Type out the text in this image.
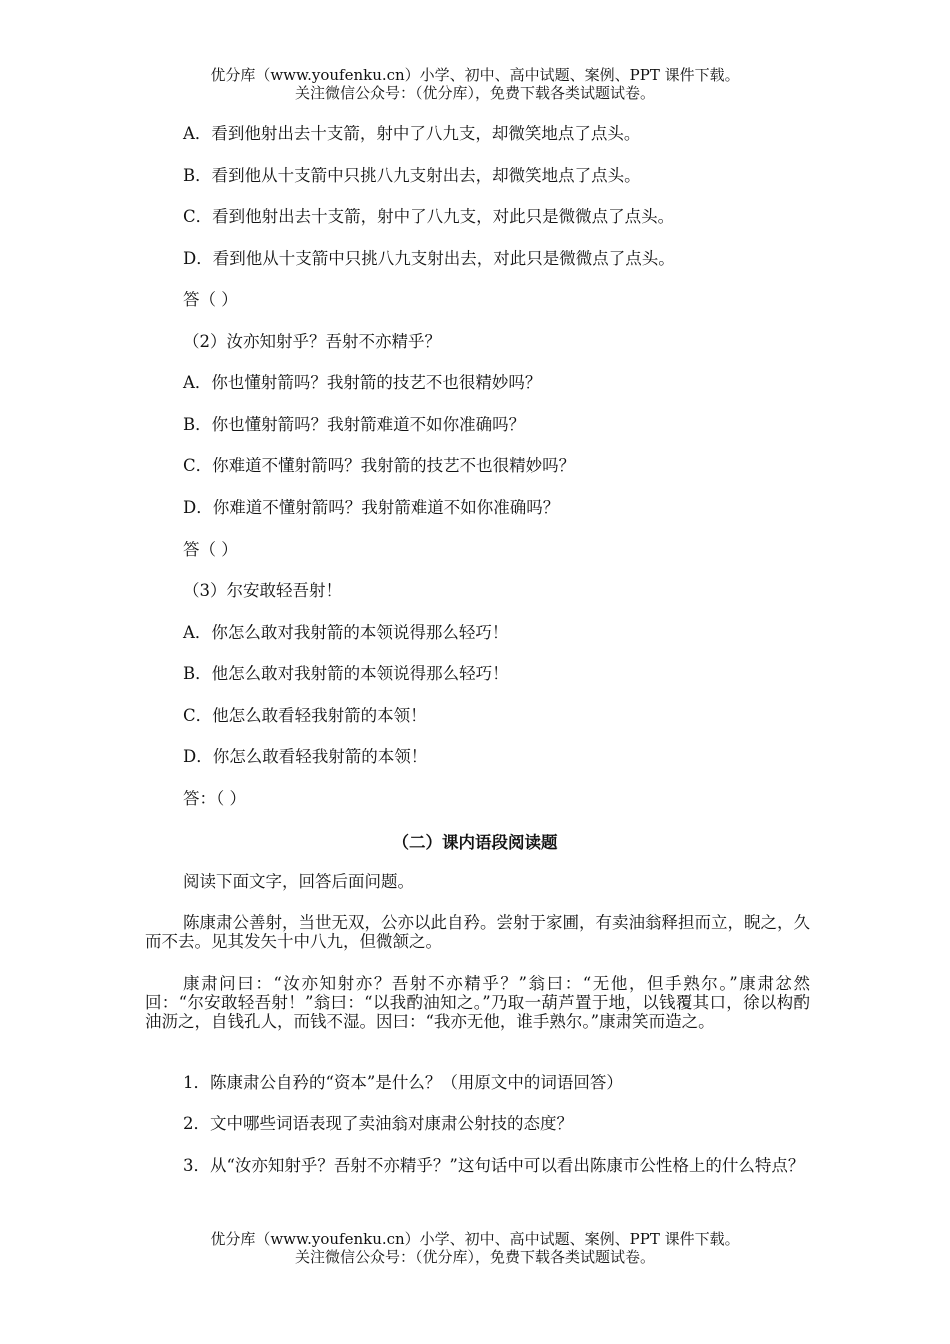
优分库（www.youfenku.cn）小学、初中、高中试题、案例、PPT 课件下载。
关注微信公众号：（优分库），免费下载各类试题试卷。
A．看到他射出去十支箭，射中了八九支，却微笑地点了点头。
B．看到他从十支箭中只挑八九支射出去，却微笑地点了点头。
C．看到他射出去十支箭，射中了八九支，对此只是微微点了点头。
D．看到他从十支箭中只挑八九支射出去，对此只是微微点了点头。
答（ ）
（2）汝亦知射乎？吾射不亦精乎？
A．你也懂射箭吗？我射箭的技艺不也很精妙吗？
B．你也懂射箭吗？我射箭难道不如你准确吗？
C．你难道不懂射箭吗？我射箭的技艺不也很精妙吗？
D．你难道不懂射箭吗？我射箭难道不如你准确吗？
答（ ）
（3）尔安敢轻吾射！
A．你怎么敢对我射箭的本领说得那么轻巧！
B．他怎么敢对我射箭的本领说得那么轻巧！
C．他怎么敢看轻我射箭的本领！
D．你怎么敢看轻我射箭的本领！
答：（ ）
（二）课内语段阅读题
阅读下面文字，回答后面问题。
陈康肃公善射，当世无双，公亦以此自矜。尝射于家圃，有卖油翁释担而立，睨之，久而不去。见其发矢十中八九，但微颔之。
康肃问曰：“汝亦知射亦？吾射不亦精乎？”翁曰：“无他，但手熟尔。”康肃忿然回：“尔安敢轻吾射！”翁曰：“以我酌油知之。”乃取一葫芦置于地，以钱覆其口，徐以构酌油沥之，自钱孔人，而钱不湿。因曰：“我亦无他，谁手熟尔。”康肃笑而造之。
1．陈康肃公自矜的“资本”是什么？（用原文中的词语回答）
2．文中哪些词语表现了卖油翁对康肃公射技的态度？
3．从“汝亦知射乎？吾射不亦精乎？”这句话中可以看出陈康市公性格上的什么特点？
优分库（www.youfenku.cn）小学、初中、高中试题、案例、PPT 课件下载。
关注微信公众号：（优分库），免费下载各类试题试卷。
